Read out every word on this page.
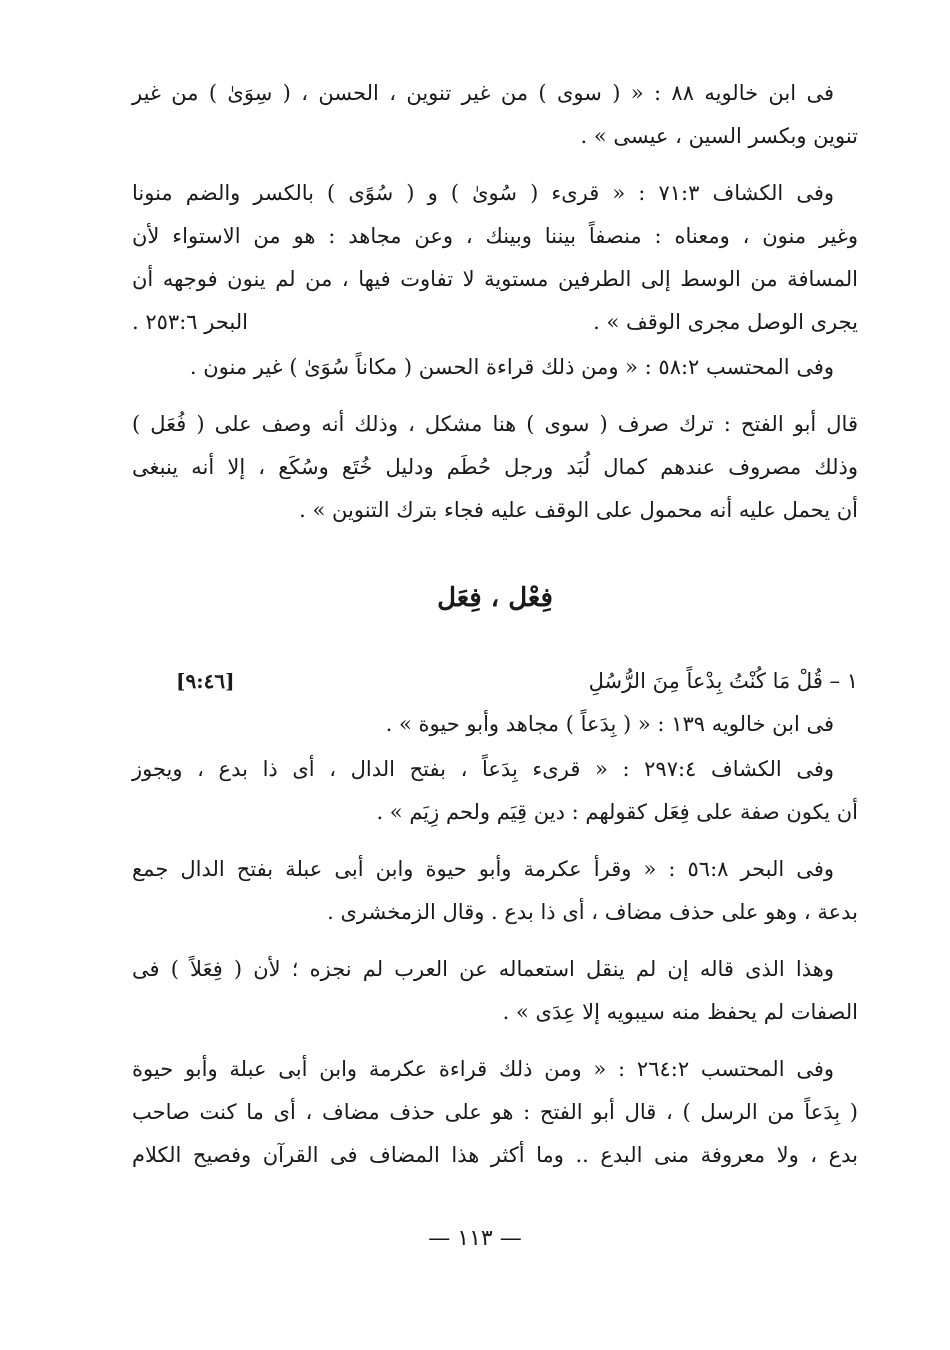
فى ابن خالويه ٨٨ : « ( سوى ) من غير تنوين ، الحسن ، ( سِوَىٰ ) من غير
تنوين وبكسر السين ، عيسى » .
وفى الكشاف ٧١:٣ : « قرىء ( سُوىٰ ) و ( سُوًى ) بالكسر والضم منونا
وغير منون ، ومعناه : منصفاً بيننا وبينك ، وعن مجاهد : هو من الاستواء لأن
المسافة من الوسط إلى الطرفين مستوية لا تفاوت فيها ، من لم ينون فوجهه أن
يجرى الوصل مجرى الوقف » .
البحر ٢٥٣:٦ .
وفى المحتسب ٥٨:٢ : « ومن ذلك قراءة الحسن ( مكاناً سُوَىٰ ) غير منون .
قال أبو الفتح : ترك صرف ( سوى ) هنا مشكل ، وذلك أنه وصف على ( فُعَل )
وذلك مصروف عندهم كمال لُبَد ورجل حُطَم ودليل خُتَع وسُكَع ، إلا أنه ينبغى
أن يحمل عليه أنه محمول على الوقف عليه فجاء بترك التنوين » .
فِعْل ، فِعَل
١ – قُلْ مَا كُنْتُ بِدْعاً مِنَ الرُّسُلِ
[٩:٤٦]
فى ابن خالويه ١٣٩ : « ( بِدَعاً ) مجاهد وأبو حيوة » .
وفى الكشاف ٢٩٧:٤ : « قرىء بِدَعاً ، بفتح الدال ، أى ذا بدع ، ويجوز
أن يكون صفة على فِعَل كقولهم : دين قِيَم ولحم زِيَم » .
وفى البحر ٥٦:٨ : « وقرأ عكرمة وأبو حيوة وابن أبى عبلة بفتح الدال جمع
بدعة ، وهو على حذف مضاف ، أى ذا بدع . وقال الزمخشرى .
وهذا الذى قاله إن لم ينقل استعماله عن العرب لم نجزه ؛ لأن ( فِعَلاً ) فى
الصفات لم يحفظ منه سيبويه إلا عِدَى » .
وفى المحتسب ٢٦٤:٢ : « ومن ذلك قراءة عكرمة وابن أبى عبلة وأبو حيوة
( بِدَعاً من الرسل ) ، قال أبو الفتح : هو على حذف مضاف ، أى ما كنت صاحب
بدع ، ولا معروفة منى البدع .. وما أكثر هذا المضاف فى القرآن وفصيح الكلام
— ١١٣ —
